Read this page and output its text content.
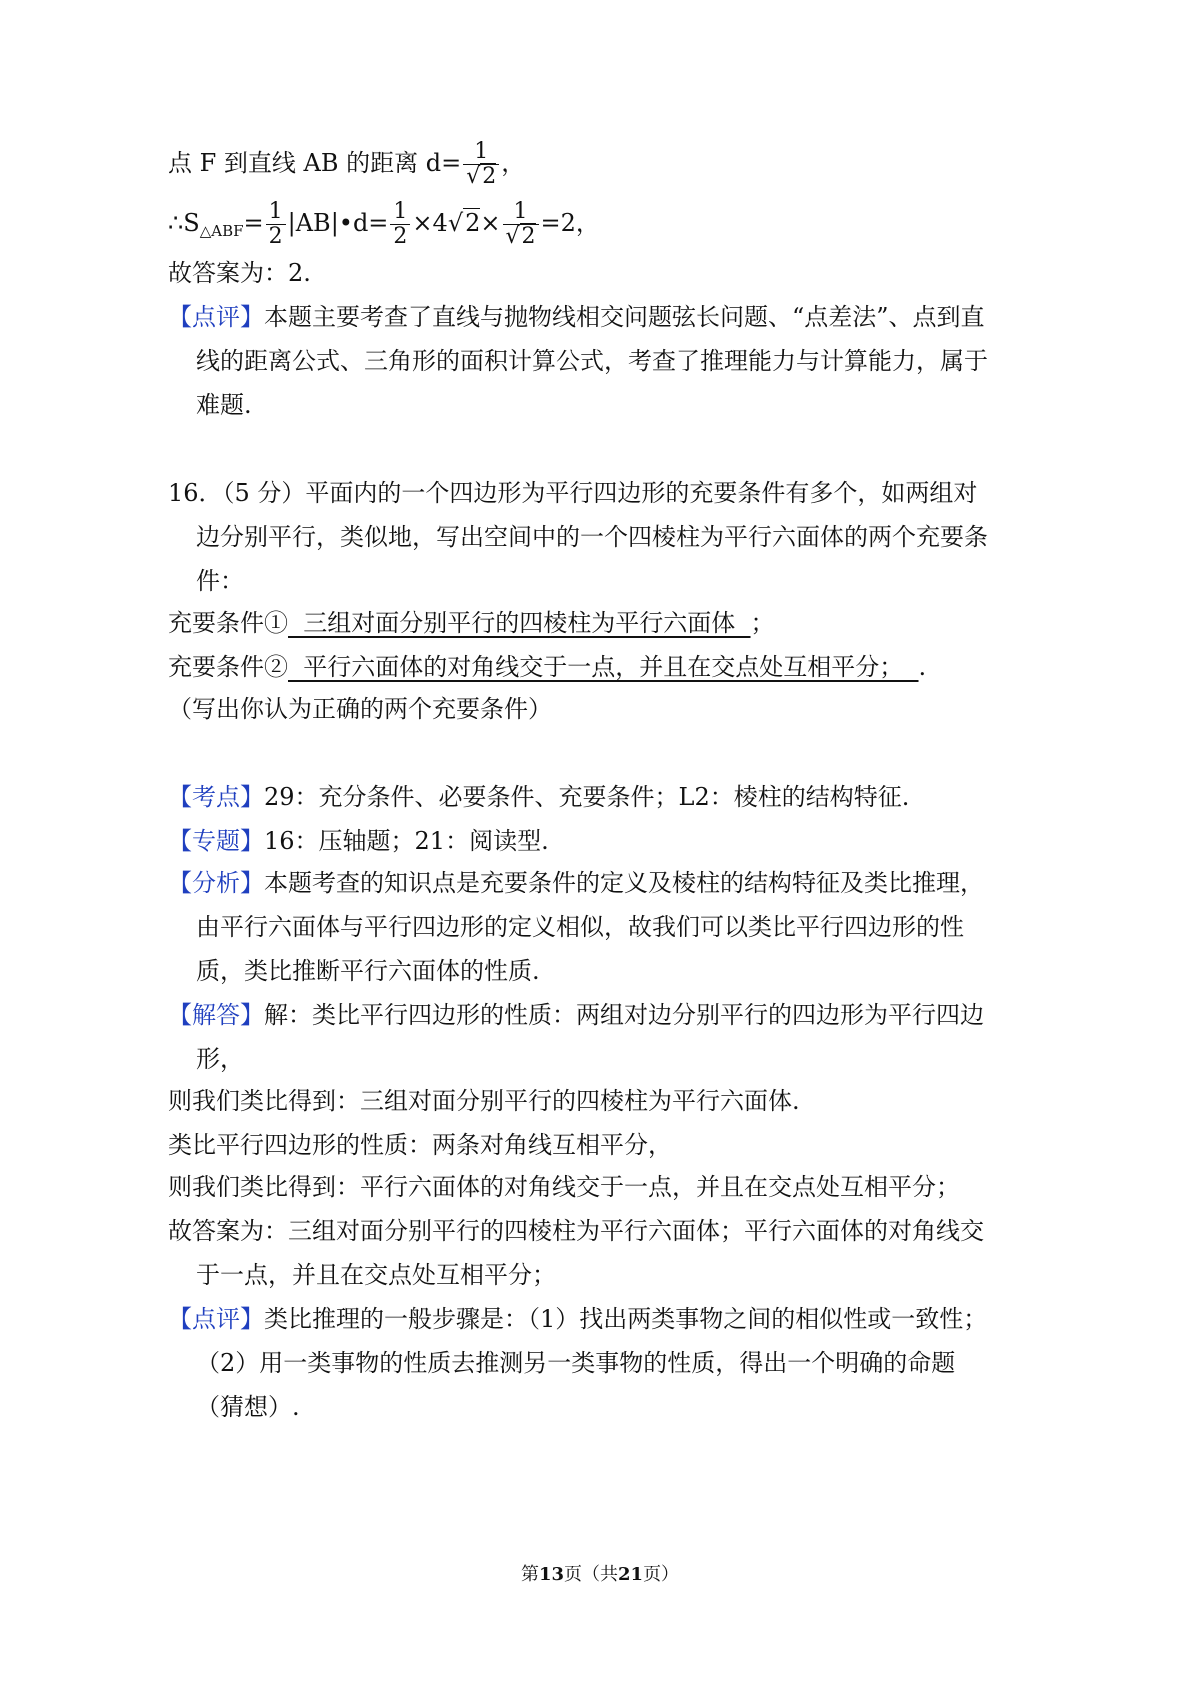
点 F 到直线 AB 的距离 $d= \frac{1}{√2}$ ，
$\therefore S_{\triangle ABF}= \frac{1}{2}$ |AB|•d= $\frac{1}{2} \times 4√2\times \frac{1}{√2} =2$，
故答案为：2.
【点评】本题主要考查了直线与抛物线相交问题弦长问题、“点差法”、点到直
线的距离公式、三角形的面积计算公式，考查了推理能力与计算能力，属于
难题.
16．（5 分）平面内的一个四边形为平行四边形的充要条件有多个，如两组对
边分别平行，类似地，写出空间中的一个四棱柱为平行六面体的两个充要条
件：
充要条件①  三组对面分别平行的四棱柱为平行六面体  ；
充要条件②  平行六面体的对角线交于一点，并且在交点处互相平分；  .
（写出你认为正确的两个充要条件）
【考点】29：充分条件、必要条件、充要条件；L2：棱柱的结构特征.
【专题】16：压轴题；21：阅读型.
【分析】本题考查的知识点是充要条件的定义及棱柱的结构特征及类比推理，
由平行六面体与平行四边形的定义相似，故我们可以类比平行四边形的性
质，类比推断平行六面体的性质.
【解答】解：类比平行四边形的性质：两组对边分别平行的四边形为平行四边
形，
则我们类比得到：三组对面分别平行的四棱柱为平行六面体.
类比平行四边形的性质：两条对角线互相平分，
则我们类比得到：平行六面体的对角线交于一点，并且在交点处互相平分；
故答案为：三组对面分别平行的四棱柱为平行六面体；平行六面体的对角线交
于一点，并且在交点处互相平分；
【点评】类比推理的一般步骤是：（1）找出两类事物之间的相似性或一致性；
（2）用一类事物的性质去推测另一类事物的性质，得出一个明确的命题
（猜想）.
第13页（共21页）
